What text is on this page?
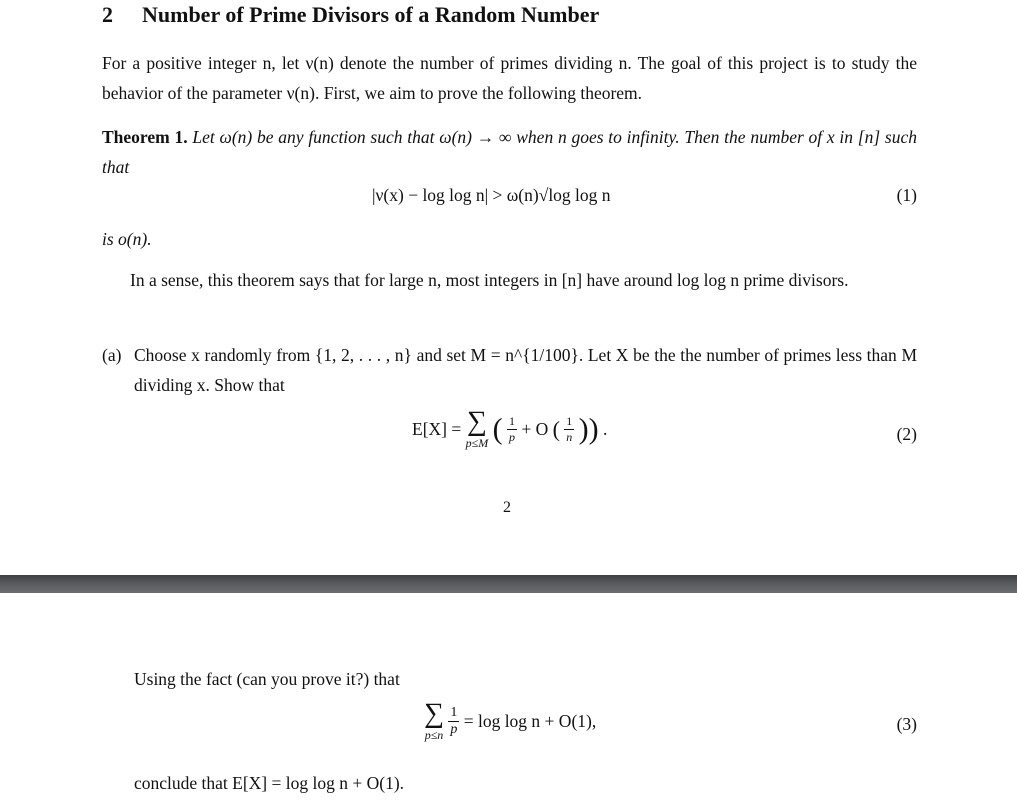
2 Number of Prime Divisors of a Random Number
For a positive integer n, let ν(n) denote the number of primes dividing n. The goal of this project is to study the behavior of the parameter ν(n). First, we aim to prove the following theorem.
Theorem 1. Let ω(n) be any function such that ω(n) → ∞ when n goes to infinity. Then the number of x in [n] such that
|ν(x) − log log n| > ω(n)√log log n	(1)
is o(n).
In a sense, this theorem says that for large n, most integers in [n] have around log log n prime divisors.
(a) Choose x randomly from {1, 2, . . . , n} and set M = n^{1/100}. Let X be the the number of primes less than M dividing x. Show that
E[X] = ∑
p≤M ( $\frac{1}{p} + O$ ( $\frac{1}{n}$ )) .	(2)
2
Using the fact (can you prove it?) that
∑
p≤n
$\frac{1}{p} = \log \log n + O(1)$,	(3)
conclude that E[X] = log log n + O(1).
